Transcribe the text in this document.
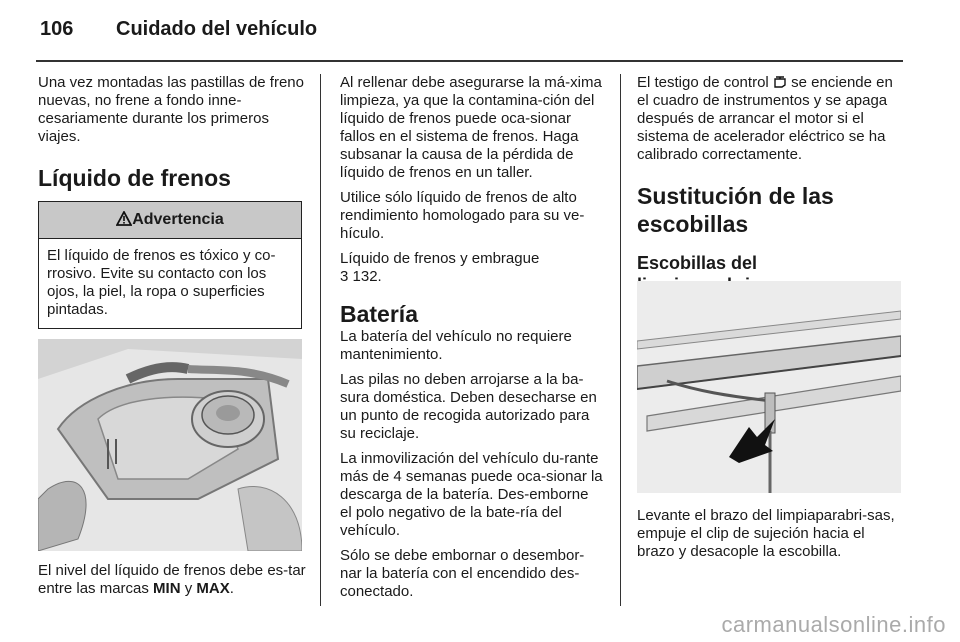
106 Cuidado del vehículo

Una vez montadas las pastillas de freno nuevas, no frene a fondo inne-cesariamente durante los primeros viajes.

Líquido de frenos
Advertencia
El líquido de frenos es tóxico y co-rrosivo. Evite su contacto con los ojos, la piel, la ropa o superficies pintadas.

El nivel del líquido de frenos debe es-tar entre las marcas MIN y MAX.

Al rellenar debe asegurarse la má-xima limpieza, ya que la contamina-ción del líquido de frenos puede oca-sionar fallos en el sistema de frenos. Haga subsanar la causa de la pérdida de líquido de frenos en un taller.

Utilice sólo líquido de frenos de alto rendimiento homologado para su ve-hículo.

Líquido de frenos y embrague
3 132.

Batería

La batería del vehículo no requiere mantenimiento.

Las pilas no deben arrojarse a la ba-sura doméstica. Deben desecharse en un punto de recogida autorizado para su reciclaje.

La inmovilización del vehículo du-rante más de 4 semanas puede oca-sionar la descarga de la batería. Des-emborne el polo negativo de la bate-ría del vehículo.

Sólo se debe embornar o desembor-nar la batería con el encendido des-conectado.

El testigo de control  se enciende en el cuadro de instrumentos y se apaga después de arrancar el motor si el sistema de acelerador eléctrico se ha calibrado correctamente.

Sustitución de las escobillas
Escobillas del

Levante el brazo del limpiaparabri-sas, empuje el clip de sujeción hacia el brazo y desacople la escobilla.

carmanualsonline.info
